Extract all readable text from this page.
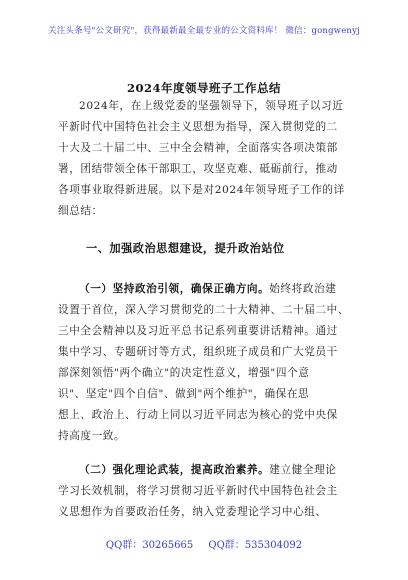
关注头条号"公文研究"，获得最新最全最专业的公文资料库！ 微信：gongwenyj
2024年度领导班子工作总结
2024年，在上级党委的坚强领导下，领导班子以习近
平新时代中国特色社会主义思想为指导，深入贯彻党的二
十大及二十届二中、三中全会精神，全面落实各项决策部
署，团结带领全体干部职工，攻坚克难、砥砺前行，推动
各项事业取得新进展。以下是对2024年领导班子工作的详
细总结：
一、加强政治思想建设，提升政治站位
（一）坚持政治引领，确保正确方向。始终将政治建
设置于首位，深入学习贯彻党的二十大精神、二十届二中、
三中全会精神以及习近平总书记系列重要讲话精神。通过
集中学习、专题研讨等方式，组织班子成员和广大党员干
部深刻领悟"两个确立"的决定性意义，增强"四个意
识"、坚定"四个自信"、做到"两个维护"，确保在思
想上、政治上、行动上同以习近平同志为核心的党中央保
持高度一致。
（二）强化理论武装，提高政治素养。建立健全理论
学习长效机制，将学习贯彻习近平新时代中国特色社会主
义思想作为首要政治任务，纳入党委理论学习中心组、
QQ群：30265665 QQ群：535304092
